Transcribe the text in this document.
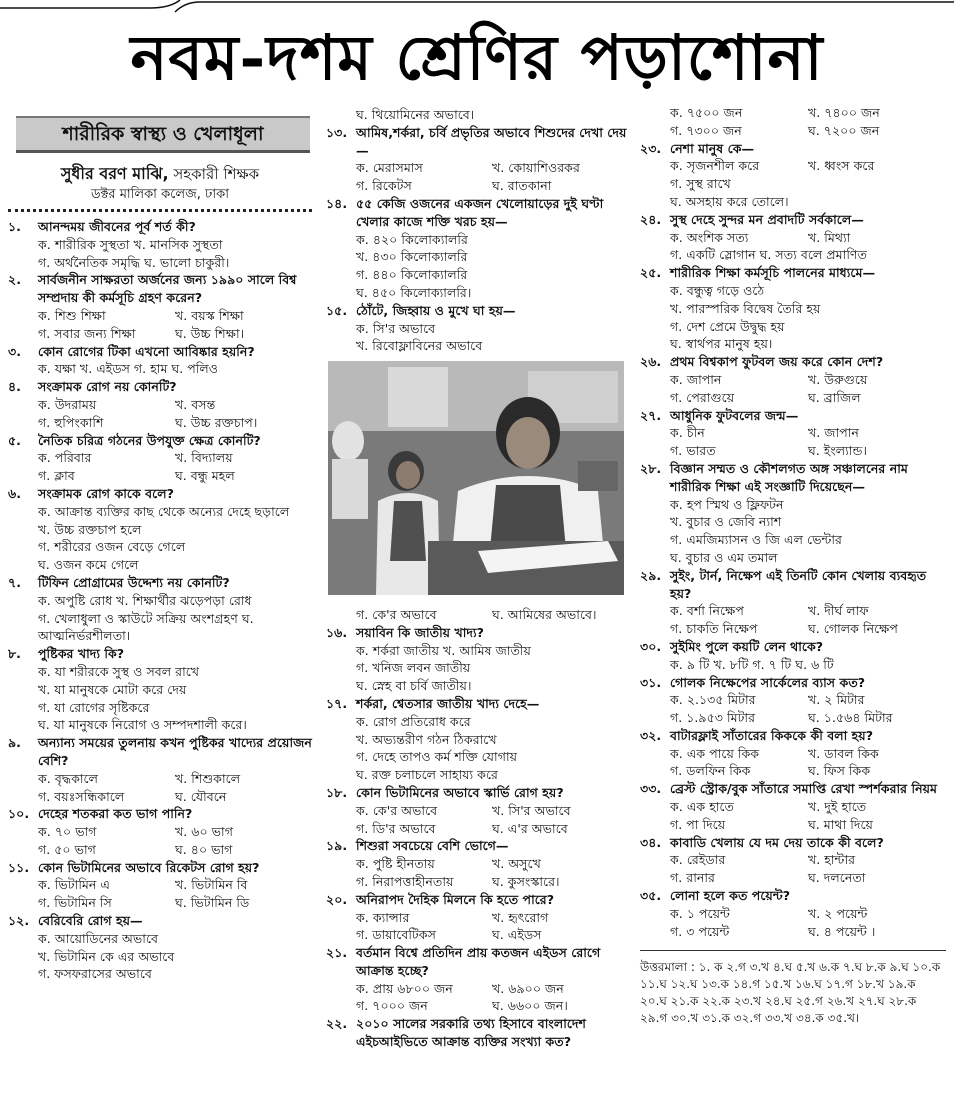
নবম-দশম শ্রেণির পড়াশোনা
শারীরিক স্বাস্থ্য ও খেলাধূলা
সুধীর বরণ মাঝি, সহকারী শিক্ষক
ডক্টর মালিকা কলেজ, ঢাকা
১.	আনন্দময় জীবনের পূর্ব শর্ত কী?
ক. শারীরিক সুস্থতা খ. মানসিক সুস্থতা
গ. অর্থনৈতিক সমৃদ্ধি ঘ. ভালো চাকুরী।
২.	সার্বজনীন সাক্ষরতা অর্জনের জন্য ১৯৯০ সালে বিশ্ব সম্প্রদায় কী কর্মসূচি গ্রহণ করেন?
ক. শিশু শিক্ষা	খ. বয়স্ক শিক্ষা
গ. সবার জন্য শিক্ষা	ঘ. উচ্চ শিক্ষা।
৩.	কোন রোগের টিকা এখনো আবিষ্কার হয়নি?
ক. যক্ষা খ. এইডস গ. হাম ঘ. পলিও
৪.	সংক্রামক রোগ নয় কোনটি?
ক. উদরাময়	খ. বসন্ত
গ. হুপিংকাশি	ঘ. উচ্চ রক্তচাপ।
৫.	নৈতিক চরিত্র গঠনের উপযুক্ত ক্ষেত্র কোনটি?
ক. পরিবার	খ. বিদ্যালয়
গ. ক্লাব	ঘ. বন্ধু মহল
৬.	সংক্রামক রোগ কাকে বলে?
ক. আক্রান্ত ব্যক্তির কাছ থেকে অন্যের দেহে ছড়ালে
খ. উচ্চ রক্তচাপ হলে
গ. শরীরের ওজন বেড়ে গেলে
ঘ. ওজন কমে গেলে
৭.	টিফিন প্রোগ্রামের উদ্দেশ্য নয় কোনটি?
ক. অপুষ্টি রোধ খ. শিক্ষার্থীর ঝড়েপড়া রোধ
গ. খেলাধুলা ও স্কাউটে সক্রিয় অংশগ্রহণ ঘ. আত্মনির্ভরশীলতা।
৮.	পুষ্টিকর খাদ্য কি?
ক. যা শরীরকে সুস্থ ও সবল রাখে
খ. যা মানুষকে মোটা করে দেয়
গ. যা রোগের সৃষ্টিকরে
ঘ. যা মানুষকে নিরোগ ও সম্পদশালী করে।
৯.	অন্যান্য সময়ের তুলনায় কখন পুষ্টিকর খাদ্যের প্রয়োজন বেশি?
ক. বৃদ্ধকালে	খ. শিশুকালে
গ. বয়ঃসন্ধিকালে	ঘ. যৌবনে
১০. দেহের শতকরা কত ভাগ পানি?
ক. ৭০ ভাগ	খ. ৬০ ভাগ
গ. ৫০ ভাগ	ঘ. ৪০ ভাগ
১১. কোন ভিটামিনের অভাবে রিকেটস রোগ হয়?
ক. ভিটামিন এ	খ. ভিটামিন বি
গ. ভিটামিন সি	ঘ. ভিটামিন ডি
১২. বেরিবেরি রোগ হয়—
ক. আয়োডিনের অভাবে
খ. ভিটামিন কে এর অভাবে
গ. ফসফরাসের অভাবে
ঘ. থিয়োমিনের অভাবে।
১৩. আমিষ,শর্করা, চর্বি প্রভৃতির অভাবে শিশুদের দেখা দেয়—
ক. মেরাসমাস	খ. কোয়াশিওরকর
গ. রিকেটস	ঘ. রাতকানা
১৪. ৫৫ কেজি ওজনের একজন খেলোয়াড়ের দুই ঘণ্টা খেলার কাজে শক্তি খরচ হয়—
ক. ৪২০ কিলোক্যালরি
খ. ৪৩০ কিলোক্যালরি
গ. ৪৪০ কিলোক্যালরি
ঘ. ৪৫০ কিলোক্যালরি।
১৫. ঠোঁটে, জিহ্বায় ও মুখে ঘা হয়—
ক. সি'র অভাবে
খ. রিবোফ্লাবিনের অভাবে
গ. কে'র অভাবে	ঘ. আমিষের অভাবে।
১৬. সয়াবিন কি জাতীয় খাদ্য?
ক. শর্করা জাতীয় খ. আমিষ জাতীয়
গ. খনিজ লবন জাতীয়
ঘ. স্নেহ বা চর্বি জাতীয়।
১৭. শর্করা, শ্বেতসার জাতীয় খাদ্য দেহে—
ক. রোগ প্রতিরোধ করে
খ. অভ্যন্তরীণ গঠন ঠিকরাখে
গ. দেহে তাপও কর্ম শক্তি যোগায়
ঘ. রক্ত চলাচলে সাহায্য করে
১৮. কোন ভিটামিনের অভাবে স্কার্ভি রোগ হয়?
ক. কে'র অভাবে	খ. সি'র অভাবে
গ. ডি'র অভাবে	ঘ. এ'র অভাবে
১৯. শিশুরা সবচেয়ে বেশি ভোগে—
ক. পুষ্টি হীনতায়	খ. অসুখে
গ. নিরাপত্তাহীনতায়	ঘ. কুসংস্কারে।
২০. অনিরাপদ দৈহিক মিলনে কি হতে পারে?
ক. ক্যান্সার	খ. হৃৎরোগ
গ. ডায়াবেটিকস	ঘ. এইডস
২১. বর্তমান বিশ্বে প্রতিদিন প্রায় কতজন এইডস রোগে আক্রান্ত হচ্ছে?
ক. প্রায় ৬৮০০ জন	খ. ৬৯০০ জন
গ. ৭০০০ জন	ঘ. ৬৬০০ জন।
২২. ২০১০ সালের সরকারি তথ্য হিসাবে বাংলাদেশ এইচআইভিতে আক্রান্ত ব্যক্তির সংখ্যা কত?
ক. ৭৫০০ জন	খ. ৭৪০০ জন
গ. ৭৩০০ জন	ঘ. ৭২০০ জন
২৩. নেশা মানুষ কে—
ক. সৃজনশীল করে	খ. ধ্বংস করে
গ. সুস্থ রাখে
ঘ. অসহায় করে তোলে।
২৪. সুস্থ দেহে সুন্দর মন প্রবাদটি সর্বকালে—
ক. অংশিক সত্য	খ. মিথ্যা
গ. একটি স্লোগান ঘ. সত্য বলে প্রমাণিত
২৫. শারীরিক শিক্ষা কর্মসূচি পালনের মাধ্যমে—
ক. বন্ধুত্ব গড়ে ওঠে
খ. পারস্পরিক বিদ্বেষ তৈরি হয়
গ. দেশ প্রেমে উদ্বুদ্ধ হয়
ঘ. স্বার্থপর মানুষ হয়।
২৬. প্রথম বিশ্বকাপ ফুটবল জয় করে কোন দেশ?
ক. জাপান	খ. উরুগুয়ে
গ. পেরাগুয়ে	ঘ. ব্রাজিল
২৭. আধুনিক ফুটবলের জন্ম—
ক. চীন	খ. জাপান
গ. ভারত	ঘ. ইংল্যান্ড।
২৮. বিজ্ঞান সম্মত ও কৌশলগত অঙ্গ সঞ্চালনের নাম শারীরিক শিক্ষা এই সংজ্ঞাটি দিয়েছেন—
ক. হপ স্মিথ ও ফ্লিফটন
খ. বুচার ও জেবি ন্যাশ
গ. এমজিম্যাসন ও জি এল ভেন্টার
ঘ. বুচার ও এম তমাল
২৯. সুইং, টার্ন, নিক্ষেপ এই তিনটি কোন খেলায় ব্যবহৃত হয়?
ক. বর্শা নিক্ষেপ	খ. দীর্ঘ লাফ
গ. চাকতি নিক্ষেপ	ঘ. গোলক নিক্ষেপ
৩০. সুইমিং পুলে কয়টি লেন থাকে?
ক. ৯ টি খ. ৮টি গ. ৭ টি ঘ. ৬ টি
৩১. গোলক নিক্ষেপের সার্কেলের ব্যাস কত?
ক. ২.১৩৫ মিটার	খ. ২ মিটার
গ. ১.৯৫৩ মিটার	ঘ. ১.৫৬৪ মিটার
৩২. বাটারফ্লাই সাঁতারের কিককে কী বলা হয়?
ক. এক পায়ে কিক	খ. ডাবল কিক
গ. ডলফিন কিক	ঘ. ফিস কিক
৩৩. ব্রেস্ট স্ট্রোক/বুক সাঁতারে সমাপ্তি রেখা স্পর্শকরার নিয়ম
ক. এক হাতে	খ. দুই হাতে
গ. পা দিয়ে	ঘ. মাথা দিয়ে
৩৪. কাবাডি খেলায় যে দম দেয় তাকে কী বলে?
ক. রেইডার	খ. হান্টার
গ. রানার	ঘ. দলনেতা
৩৫. লোনা হলে কত পয়েন্ট?
ক. ১ পয়েন্ট	খ. ২ পয়েন্ট
গ. ৩ পয়েন্ট	ঘ. ৪ পয়েন্ট ।
উত্তরমালা : ১. ক ২.গ ৩.খ ৪.ঘ ৫.খ ৬.ক ৭.ঘ ৮.ক ৯.ঘ ১০.ক ১১.ঘ ১২.ঘ ১৩.ক ১৪.গ ১৫.খ ১৬.ঘ ১৭.গ ১৮.খ ১৯.ক ২০.ঘ ২১.ক ২২.ক ২৩.খ ২৪.ঘ ২৫.গ ২৬.খ ২৭.ঘ ২৮.ক ২৯.গ ৩০.খ ৩১.ক ৩২.গ ৩৩.খ ৩৪.ক ৩৫.খ।
